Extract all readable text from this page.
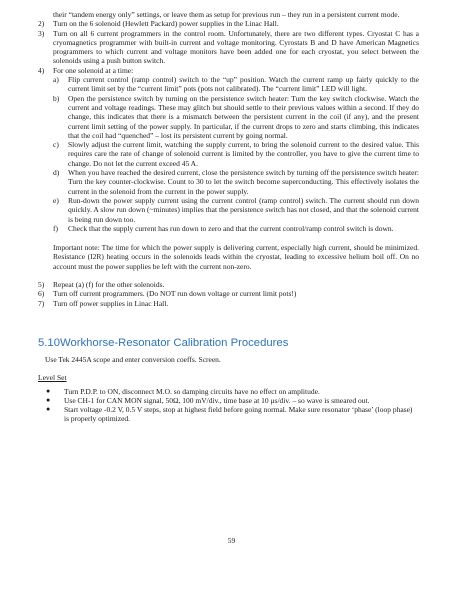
their “tandem energy only” settings, or leave them as setup for previous run – they run in a persistent current mode.

2)	Turn on the 6 solenoid (Hewlett Packard) power supplies in the Linac Hall.
3)	Turn on all 6 current programmers in the control room. Unfortunately, there are two different types. Cryostat C has a cryomagnetics programmer with built-in current and voltage monitoring. Cyrostats B and D have American Magnetics programmers to which current and voltage monitors have been added one for each cryostat, you select between the solenoids using a push button switch.
4)	For one solenoid at a time:
a)	Flip current control (ramp control) switch to the “up” position. Watch the current ramp up fairly quickly to the current limit set by the “current limit” pots (pots not calibrated). The “current limit” LED will light.
b)	Open the persistence switch by turning on the persistence switch heater: Turn the key switch clockwise. Watch the current and voltage readings. These may glitch but should settle to their previous values within a second. If they do change, this indicates that there is a mismatch between the persistent current in the coil (if any), and the present current limit setting of the power supply. In particular, if the current drops to zero and starts climbing, this indicates that the coil had “quenched” – lost its persistent current by going normal.
c)	Slowly adjust the current limit, watching the supply current, to bring the solenoid current to the desired value. This requires care the rate of change of solenoid current is limited by the controller, you have to give the current time to change. Do not let the current exceed 45 A.
d)	When you have reached the desired current, close the persistence switch by turning off the persistence switch heater: Turn the key counter-clockwise. Count to 30 to let the switch become superconducting. This effectively isolates the current in the solenoid from the current in the power supply.
e)	Run-down the power supply current using the current control (ramp control) switch. The current should run down quickly. A slow run down (~minutes) implies that the persistence switch has not closed, and that the solenoid current is being run down too.
f)	Check that the supply current has run down to zero and that the current control/ramp control switch is down.

Important note: The time for which the power supply is delivering current, especially high current, should be minimized. Resistance (I2R) heating occurs in the solenoids leads within the cryostat, leading to excessive helium boil off. On no account must the power supplies be left with the current non-zero.

5)	Repeat (a) (f) for the other solenoids.
6)	Turn off current programmers. (Do NOT run down voltage or current limit pots!)
7)	Turn off power supplies in Linac Hall.
5.10Workhorse-Resonator Calibration Procedures

Use Tek 2445A scope and enter conversion coeffs. Screen.

Level Set

●	Turn P.D.P. to ON, disconnect M.O. so damping circuits have no effect on amplitude.
●	Use CH-1 for CAN MON signal, 50Ω, 100 mV/div., time base at 10 μs/div. – so wave is smeared out.
●	Start voltage -0.2 V, 0.5 V steps, stop at highest field before going normal. Make sure resonator ‘phase’ (loop phase) is properly optimized.
59
